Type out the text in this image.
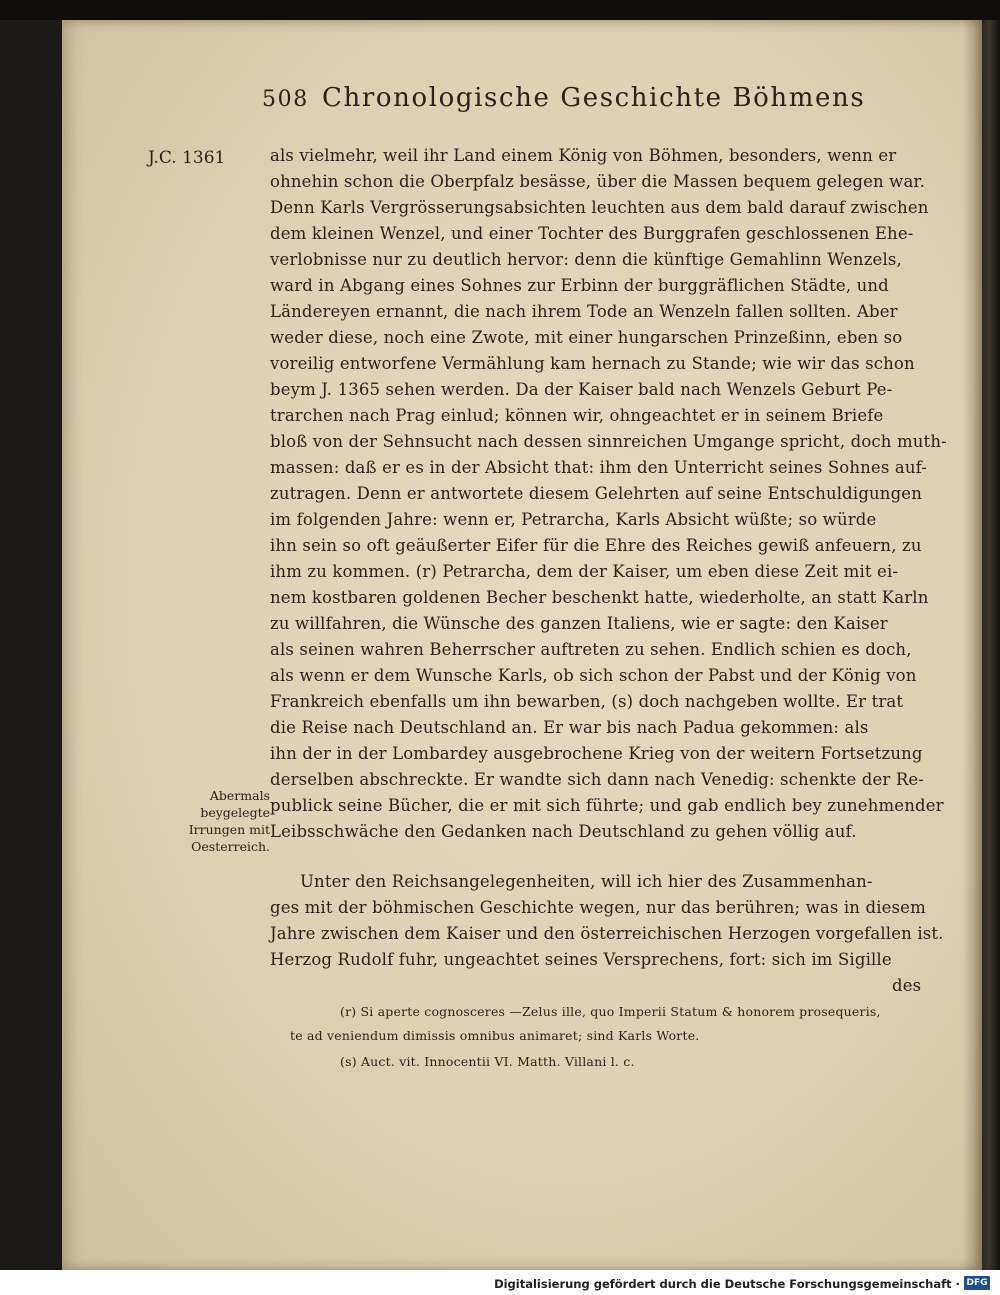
508 Chronologische Geschichte Böhmens
J.C. 1361	als vielmehr, weil ihr Land einem König von Böhmen, besonders, wenn er
ohnehin schon die Oberpfalz besässe, über die Massen bequem gelegen war.
Denn Karls Vergrösserungsabsichten leuchten aus dem bald darauf zwischen
dem kleinen Wenzel, und einer Tochter des Burggrafen geschlossenen Ehe-
verlobnisse nur zu deutlich hervor: denn die künftige Gemahlinn Wenzels,
ward in Abgang eines Sohnes zur Erbinn der burggräflichen Städte, und
Ländereyen ernannt, die nach ihrem Tode an Wenzeln fallen sollten. Aber
weder diese, noch eine Zwote, mit einer hungarschen Prinzeßinn, eben so
voreilig entworfene Vermählung kam hernach zu Stande; wie wir das schon
beym J. 1365 sehen werden. Da der Kaiser bald nach Wenzels Geburt Pe-
trarchen nach Prag einlud; können wir, ohngeachtet er in seinem Briefe
bloß von der Sehnsucht nach dessen sinnreichen Umgange spricht, doch muth-
massen: daß er es in der Absicht that: ihm den Unterricht seines Sohnes auf-
zutragen. Denn er antwortete diesem Gelehrten auf seine Entschuldigungen
im folgenden Jahre: wenn er, Petrarcha, Karls Absicht wüßte; so würde
ihn sein so oft geäußerter Eifer für die Ehre des Reiches gewiß anfeuern, zu
ihm zu kommen. (r) Petrarcha, dem der Kaiser, um eben diese Zeit mit ei-
nem kostbaren goldenen Becher beschenkt hatte, wiederholte, an statt Karln
zu willfahren, die Wünsche des ganzen Italiens, wie er sagte: den Kaiser
als seinen wahren Beherrscher auftreten zu sehen. Endlich schien es doch,
als wenn er dem Wunsche Karls, ob sich schon der Pabst und der König von
Frankreich ebenfalls um ihn bewarben, (s) doch nachgeben wollte. Er trat
die Reise nach Deutschland an. Er war bis nach Padua gekommen: als
ihn der in der Lombardey ausgebrochene Krieg von der weitern Fortsetzung
derselben abschreckte. Er wandte sich dann nach Venedig: schenkte der Re-
publick seine Bücher, die er mit sich führte; und gab endlich bey zunehmender
Leibsschwäche den Gedanken nach Deutschland zu gehen völlig auf.
Unter den Reichsangelegenheiten, will ich hier des Zusammenhan-
ges mit der böhmischen Geschichte wegen, nur das berühren; was in diesem
Jahre zwischen dem Kaiser und den österreichischen Herzogen vorgefallen ist.
Herzog Rudolf fuhr, ungeachtet seines Versprechens, fort: sich im Sigille
des
Abermals
beygelegte
Irrungen mit
Oesterreich.
(r) Si aperte cognosceres —Zelus ille, quo Imperii Statum & honorem prosequeris,
te ad veniendum dimissis omnibus animaret; sind Karls Worte.
(s) Auct. vit. Innocentii VI. Matth. Villani l. c.
Digitalisierung gefördert durch die Deutsche Forschungsgemeinschaft · DFG
